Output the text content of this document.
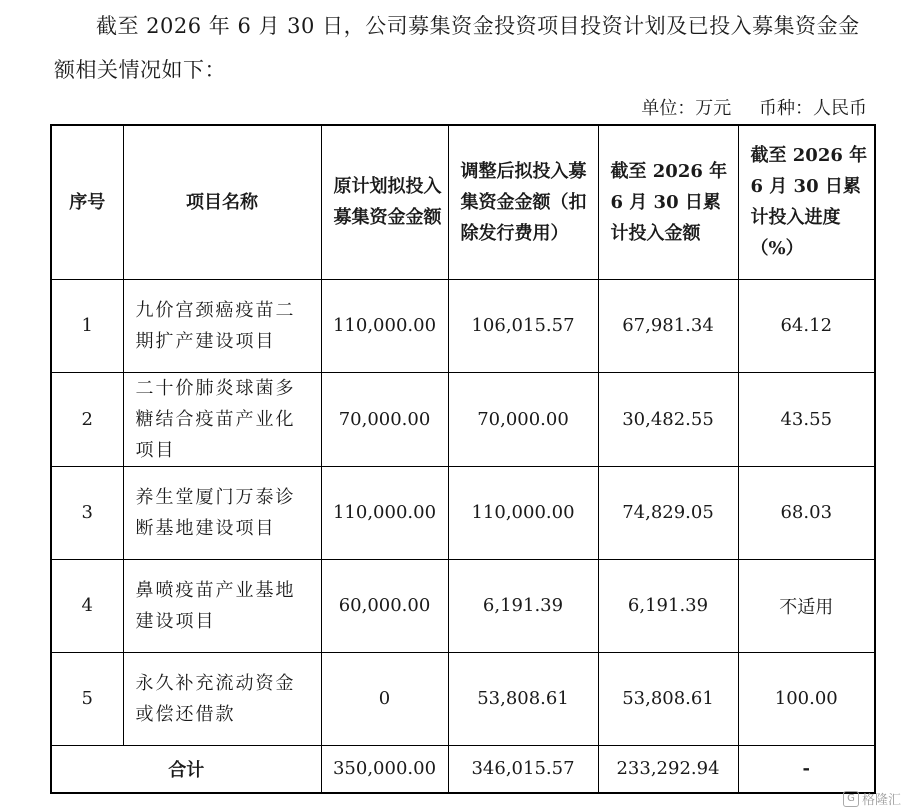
截至 2026 年 6 月 30 日，公司募集资金投资项目投资计划及已投入募集资金金额相关情况如下：

单位：万元 币种：人民币
序号	项目名称	原计划拟投入募集资金金额	调整后拟投入募集资金金额（扣除发行费用）	截至 2026 年 6 月 30 日累计投入金额	截至 2026 年 6 月 30 日累计投入进度（%）
1	九价宫颈癌疫苗二期扩产建设项目	110,000.00	106,015.57	67,981.34	64.12
2	二十价肺炎球菌多糖结合疫苗产业化项目	70,000.00	70,000.00	30,482.55	43.55
3	养生堂厦门万泰诊断基地建设项目	110,000.00	110,000.00	74,829.05	68.03
4	鼻喷疫苗产业基地建设项目	60,000.00	6,191.39	6,191.39	不适用
5	永久补充流动资金或偿还借款	0	53,808.61	53,808.61	100.00
合计		350,000.00	346,015.57	233,292.94	-
G 格隆汇
